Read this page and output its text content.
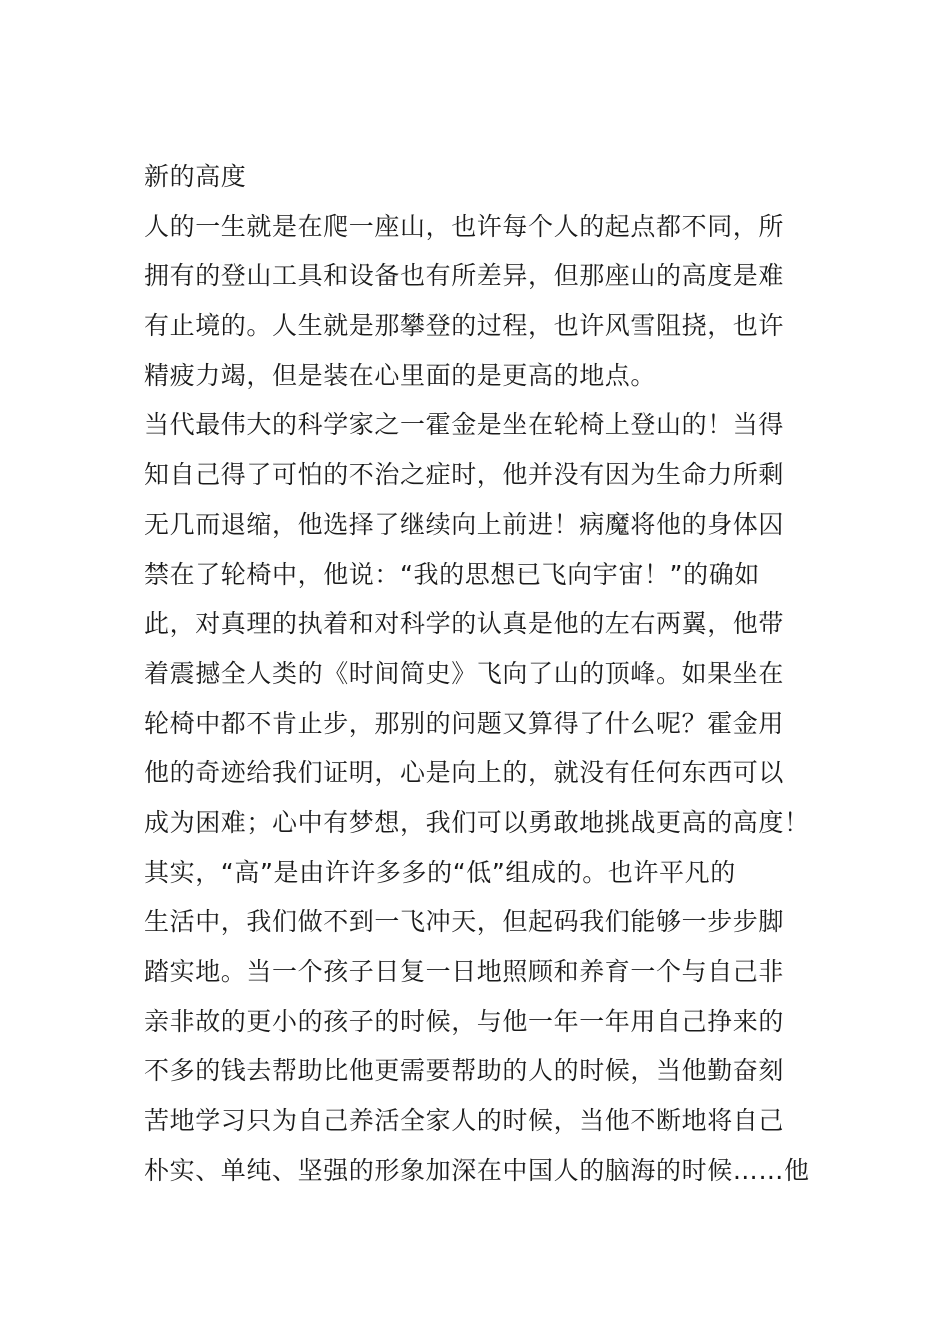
新的高度
人的一生就是在爬一座山，也许每个人的起点都不同，所
拥有的登山工具和设备也有所差异，但那座山的高度是难
有止境的。人生就是那攀登的过程，也许风雪阻挠，也许
精疲力竭，但是装在心里面的是更高的地点。
当代最伟大的科学家之一霍金是坐在轮椅上登山的！当得
知自己得了可怕的不治之症时，他并没有因为生命力所剩
无几而退缩，他选择了继续向上前进！病魔将他的身体囚
禁在了轮椅中，他说：“我的思想已飞向宇宙！”的确如
此，对真理的执着和对科学的认真是他的左右两翼，他带
着震撼全人类的《时间简史》飞向了山的顶峰。如果坐在
轮椅中都不肯止步，那别的问题又算得了什么呢？霍金用
他的奇迹给我们证明，心是向上的，就没有任何东西可以
成为困难；心中有梦想，我们可以勇敢地挑战更高的高度！
其实，“高”是由许许多多的“低”组成的。也许平凡的
生活中，我们做不到一飞冲天，但起码我们能够一步步脚
踏实地。当一个孩子日复一日地照顾和养育一个与自己非
亲非故的更小的孩子的时候，与他一年一年用自己挣来的
不多的钱去帮助比他更需要帮助的人的时候，当他勤奋刻
苦地学习只为自己养活全家人的时候，当他不断地将自己
朴实、单纯、坚强的形象加深在中国人的脑海的时候……他
